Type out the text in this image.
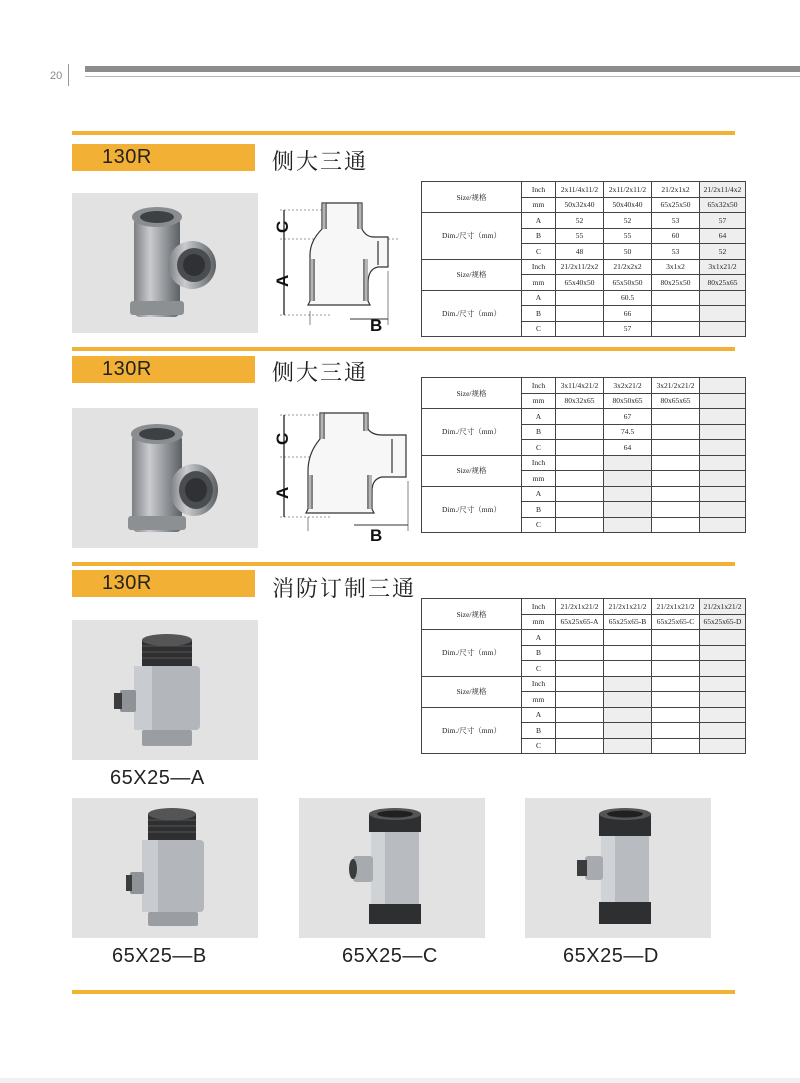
20
130R	侧大三通
C
A
B
Size/规格	Inch	2x11/4x11/2	2x11/2x11/2	21/2x1x2	21/2x11/4x2
	mm	50x32x40	50x40x40	65x25x50	65x32x50
Dim./尺寸（mm）	A	52	52	53	57
	B	55	55	60	64
	C	48	50	53	52
Size/规格	Inch	21/2x11/2x2	21/2x2x2	3x1x2	3x1x21/2
	mm	65x40x50	65x50x50	80x25x50	80x25x65
Dim./尺寸（mm）	A		60.5		
	B		66		
	C		57		
130R	侧大三通
C
A
B
Size/规格	Inch	3x11/4x21/2	3x2x21/2	3x21/2x21/2	
	mm	80x32x65	80x50x65	80x65x65	
Dim./尺寸（mm）	A		67		
	B		74.5		
	C		64		
Size/规格	Inch				
	mm				
Dim./尺寸（mm）	A				
	B				
	C				
130R	消防订制三通
65X25—A
Size/规格	Inch	21/2x1x21/2	21/2x1x21/2	21/2x1x21/2	21/2x1x21/2
	mm	65x25x65-A	65x25x65-B	65x25x65-C	65x25x65-D
Dim./尺寸（mm）	A				
	B				
	C				
Size/规格	Inch				
	mm				
Dim./尺寸（mm）	A				
	B				
	C				
65X25—B	65X25—C	65X25—D
